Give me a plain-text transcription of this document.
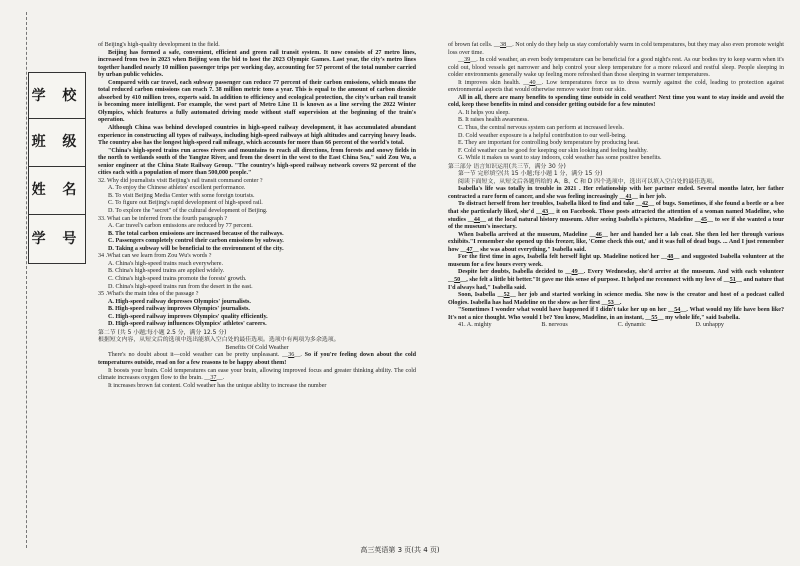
学 校
班 级
姓 名
学 号

of Beijing's high-quality development in the field.

Beijing has formed a safe, convenient, efficient and green rail transit system. It now consists of 27 metro lines, increased from two in 2023 when Beijing won the bid to host the 2023 Olympic Games. Last year, the city's metro lines together handled nearly 10 million passenger trips per working day, accounting for 57 percent of the total number carried by urban public vehicles.

Compared with car travel, each subway passenger can reduce 77 percent of their carbon emissions, which means the total reduced carbon emissions can reach 7. 38 million metric tons a year. This is equal to the amount of carbon dioxide absorbed by 410 million trees, experts said. In addition to efficiency and ecological protection, the city's urban rail transit is becoming more intelligent. For example, the west part of Metro Line 11 is known as a line serving the 2022 Winter Olympics, which features a fully automated driving mode without staff supervision at the beginning of the train's operation.

Although China was behind developed countries in high-speed railway development, it has accumulated abundant experience in constructing all types of railways, including high-speed railways at high altitudes and carrying heavy loads. The country also has the longest high-speed rail mileage, which accounts for more than 66 percent of the world's total.

"China's high-speed trains run across rivers and mountains to reach all directions, from forests and snowy fields in the north to wetlands south of the Yangtze River, and from the desert in the west to the East China Sea," said Zou Wu, a senior engineer at the China State Railway Group. "The country's high-speed railway network covers 92 percent of the cities each with a population of more than 500,000 people."

32. Why did journalists visit Beijing's rail transit command center ?

A. To enjoy the Chinese athletes' excellent performance.

B. To visit Beijing Media Center with some foreign tourists.

C. To figure out Beijing's rapid development of high-speed rail.

D. To explore the "secret" of the cultural development of Beijing.

33. What can be inferred from the fourth paragraph ?

A. Car travel's carbon emissions are reduced by 77 percent.

B. The total carbon emissions are increased because of the railways.

C. Passengers completely control their carbon emissions by subway.

D. Taking a subway will be beneficial to the environment of the city.

34 .What can we learn from Zou Wu's words ?

A. China's high-speed trains reach everywhere.

B. China's high-speed trains are applied widely.

C. China's high-speed trains promote the forests' growth.

D. China's high-speed trains run from the desert in the east.

35 .What's the main idea of the passage ?

A. High-speed railway depresses Olympics' journalists.

B. High-speed railway improves Olympics' journalists.

C. High-speed railway improves Olympics' quality efficiently.

D. High-speed railway influences Olympics' athletes' careers.

第二节 (共 5 小题;每小题 2.5 分，满分 12.5 分)

根据短文内容，从短文后的选项中选出能填入空白处的最佳选项。选项中有两项为多余选项。

Benefits Of Cold Weather

There's no doubt about it—cold weather can be pretty unpleasant. __36__. So if you're feeling down about the cold temperatures outside, read on for a few reasons to be happy about them!

It boosts your brain. Cold temperatures can ease your brain, allowing improved focus and greater thinking ability. The cold climate increases oxygen flow to the brain. __37__.

It increases brown fat content. Cold weather has the unique ability to increase the number

of brown fat cells. __38__. Not only do they help us stay comfortably warm in cold temperatures, but they may also even promote weight loss over time.

__39__. In cold weather, an even body temperature can be beneficial for a good night's rest. As our bodies try to keep warm when it's cold out, blood vessels get narrower and help control your sleep temperature for a more relaxed and restful sleep. People sleeping in colder environments generally wake up feeling more refreshed than those sleeping in warmer temperatures.

It improves skin health. __40__. Low temperatures force us to dress warmly against the cold, leading to protection against environmental aspects that would otherwise remove water from our skin.

All in all, there are many benefits to spending time outside in cold weather! Next time you want to stay inside and avoid the cold, keep these benefits in mind and consider getting outside for a few minutes!

A. It helps you sleep.

B. It raises health awareness.

C. Thus, the central nervous system can perform at increased levels.

D. Cold weather exposure is a helpful contribution to our well-being.

E. They are important for controlling body temperature by producing heat.

F. Cold weather can be good for keeping our skin looking and feeling healthy.

G. While it makes us want to stay indoors, cold weather has some positive benefits.

第三部分 语言知识运用(共三节，满分 30 分)

第一节 完形填空(共 15 小题;每小题 1 分，满分 15 分)

阅读下面短文，从短文后各题所给的 A、B、C 和 D 四个选项中，选出可以填入空白处的最佳选项。

Isabella's life was totally in trouble in 2021 . Her relationship with her partner ended. Several months later, her father contracted a rare form of cancer, and she was feeling increasingly __41__ in her job.

To distract herself from her troubles, Isabella liked to find and take __42__ of bugs. Sometimes, if she found a beetle or a bee that she particularly liked, she'd __43__ it on Facebook. Those posts attracted the attention of a woman named Madeline, who studies __44__ at the local natural history museum. After seeing Isabella's pictures, Madeline __45__ to see if she wanted a tour of the museum's insectary.

When Isabella arrived at the museum, Madeline __46__ her and handed her a lab coat. She then led her through various exhibits."I remember she opened up this freezer, like, 'Come check this out,' and it was full of dead bugs. ... And I just remember how __47__ she was about everything," Isabella said.

For the first time in ages, Isabella felt herself light up. Madeline noticed her __48__ and suggested Isabella volunteer at the museum for a few hours every week.

Despite her doubts, Isabella decided to __49__. Every Wednesday, she'd arrive at the museum. And with each volunteer __50__, she felt a little bit better."It gave me this sense of purpose. It helped me reconnect with my love of __51__ and nature that I'd always had," Isabella said.

Soon, Isabella __52__ her job and started working in science media. She now is the creator and host of a podcast called Ologies. Isabella has had Madeline on the show as her first __53__.

"Sometimes I wonder what would have happened if I didn't take her up on her __54__. What would my life have been like? It's not a nice thought. Who would I be? You know, Madeline, in an instant, __55__ my whole life," said Isabella.

41. A. mighty	B. nervous	C. dynamic	D. unhappy
高三英语第 3 页(共 4 页)
